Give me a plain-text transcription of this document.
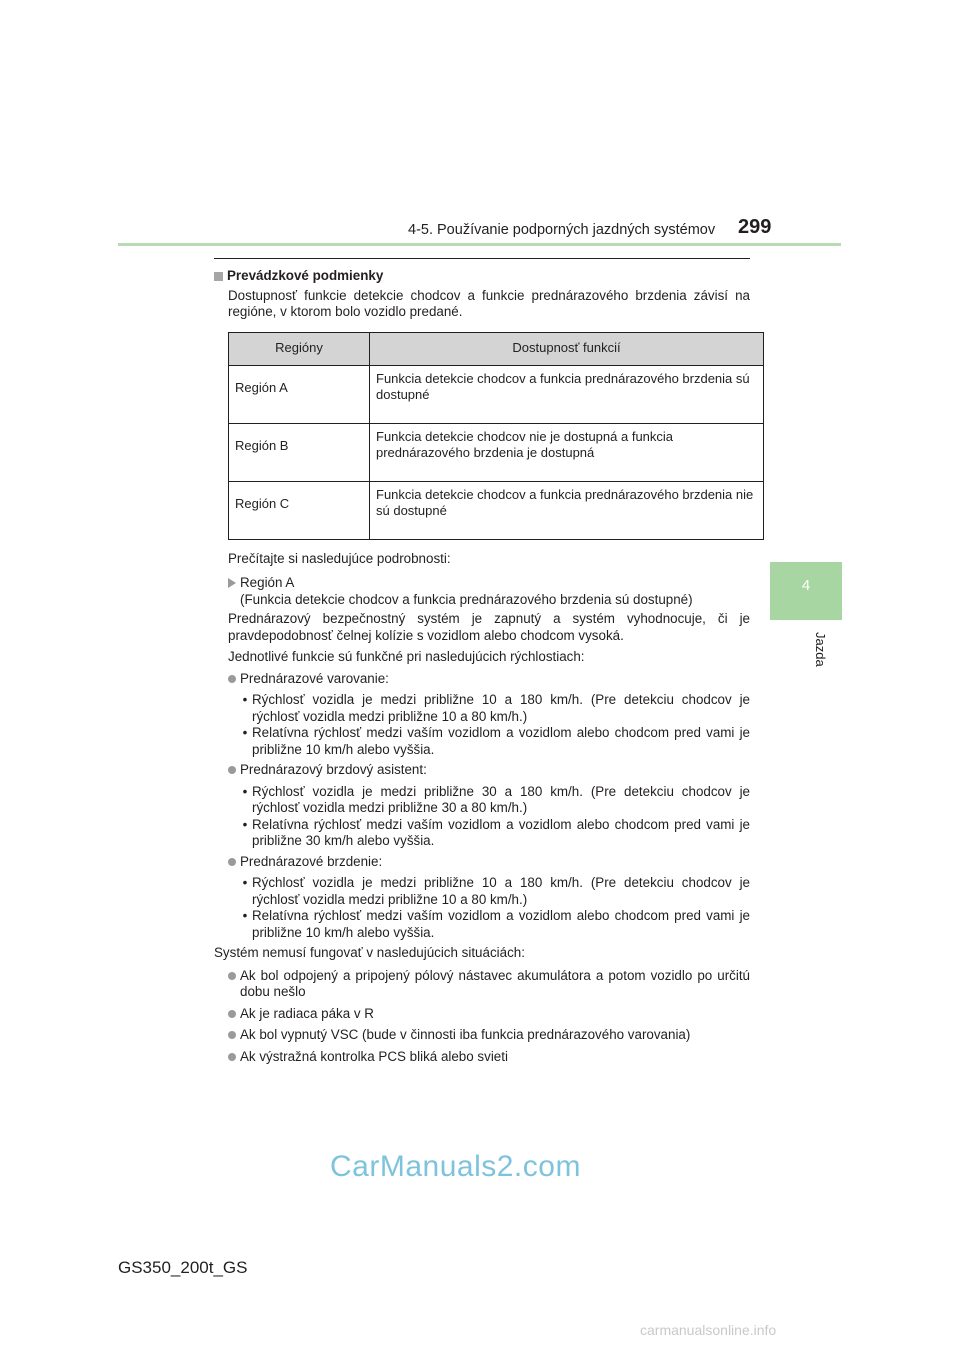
4-5. Používanie podporných jazdných systémov 299
4
Jazda
Prevádzkové podmienky
Dostupnosť funkcie detekcie chodcov a funkcie prednárazového brzdenia závisí na regióne, v ktorom bolo vozidlo predané.
Regióny	Dostupnosť funkcií
Región A	Funkcia detekcie chodcov a funkcia prednárazového brzdenia sú dostupné
Región B	Funkcia detekcie chodcov nie je dostupná a funkcia prednárazového brzdenia je dostupná
Región C	Funkcia detekcie chodcov a funkcia prednárazového brzdenia nie sú dostupné
Prečítajte si nasledujúce podrobnosti:
Región A
(Funkcia detekcie chodcov a funkcia prednárazového brzdenia sú dostupné)
Prednárazový bezpečnostný systém je zapnutý a systém vyhodnocuje, či je pravdepodobnosť čelnej kolízie s vozidlom alebo chodcom vysoká.
Jednotlivé funkcie sú funkčné pri nasledujúcich rýchlostiach:
Prednárazové varovanie:
• Rýchlosť vozidla je medzi približne 10 a 180 km/h. (Pre detekciu chodcov je rýchlosť vozidla medzi približne 10 a 80 km/h.)
• Relatívna rýchlosť medzi vaším vozidlom a vozidlom alebo chodcom pred vami je približne 10 km/h alebo vyššia.
Prednárazový brzdový asistent:
• Rýchlosť vozidla je medzi približne 30 a 180 km/h. (Pre detekciu chodcov je rýchlosť vozidla medzi približne 30 a 80 km/h.)
• Relatívna rýchlosť medzi vaším vozidlom a vozidlom alebo chodcom pred vami je približne 30 km/h alebo vyššia.
Prednárazové brzdenie:
• Rýchlosť vozidla je medzi približne 10 a 180 km/h. (Pre detekciu chodcov je rýchlosť vozidla medzi približne 10 a 80 km/h.)
• Relatívna rýchlosť medzi vaším vozidlom a vozidlom alebo chodcom pred vami je približne 10 km/h alebo vyššia.
Systém nemusí fungovať v nasledujúcich situáciách:
Ak bol odpojený a pripojený pólový nástavec akumulátora a potom vozidlo po určitú dobu nešlo
Ak je radiaca páka v R
Ak bol vypnutý VSC (bude v činnosti iba funkcia prednárazového varovania)
Ak výstražná kontrolka PCS bliká alebo svieti
CarManuals2.com
GS350_200t_GS
carmanualsonline.info
